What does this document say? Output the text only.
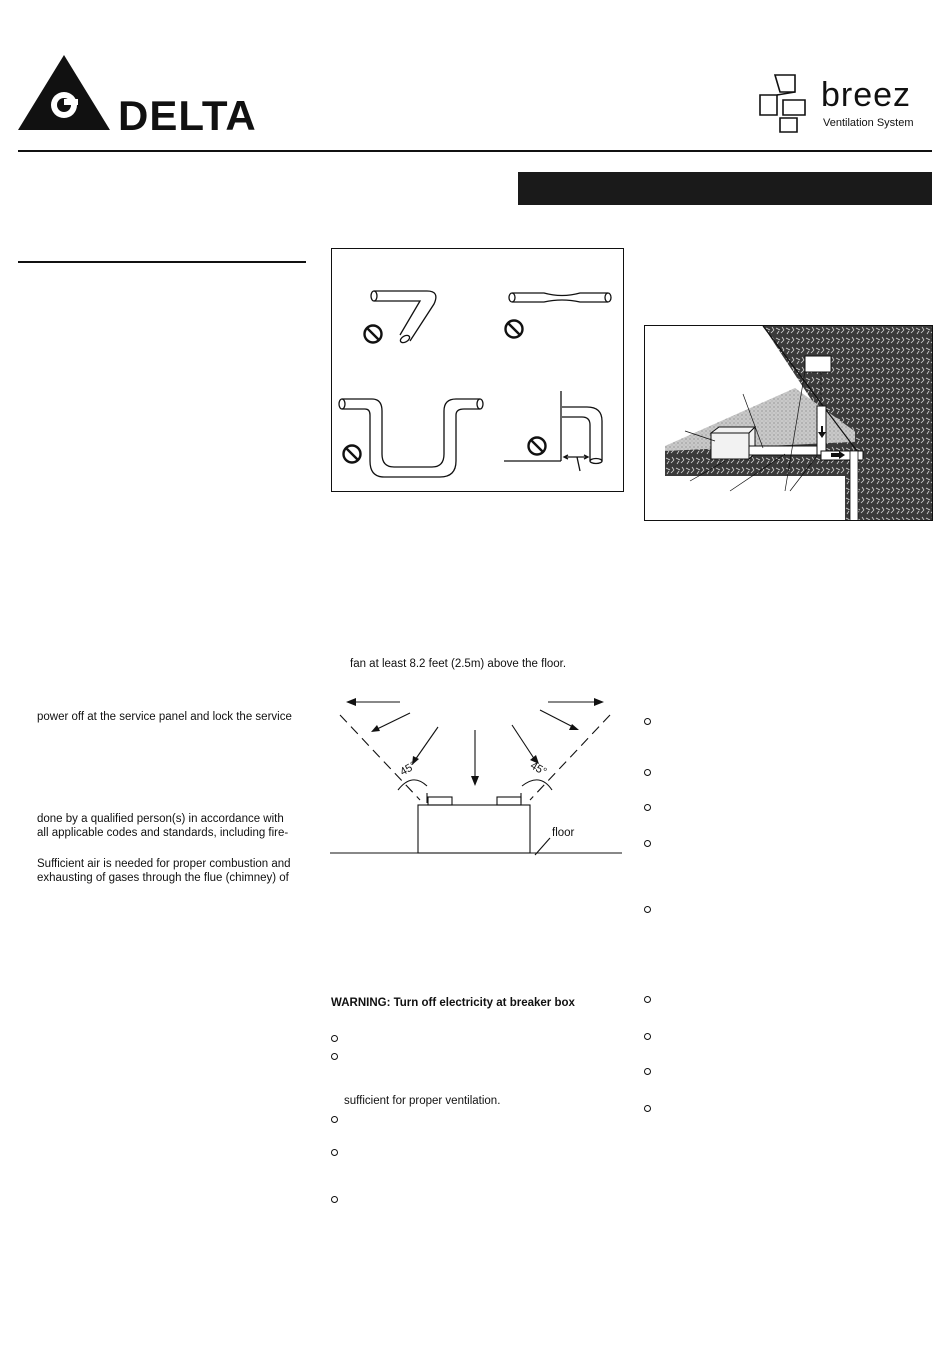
DELTA	breez
Ventilation System
fan at least 8.2 feet (2.5m) above the floor.
45°	45°
floor
power off at the service panel and lock the service
done by a qualified person(s) in accordance with
all applicable codes and standards, including fire-
Sufficient air is needed for proper combustion and
exhausting of gases through the flue (chimney) of
WARNING: Turn off electricity at breaker box
sufficient for proper ventilation.
